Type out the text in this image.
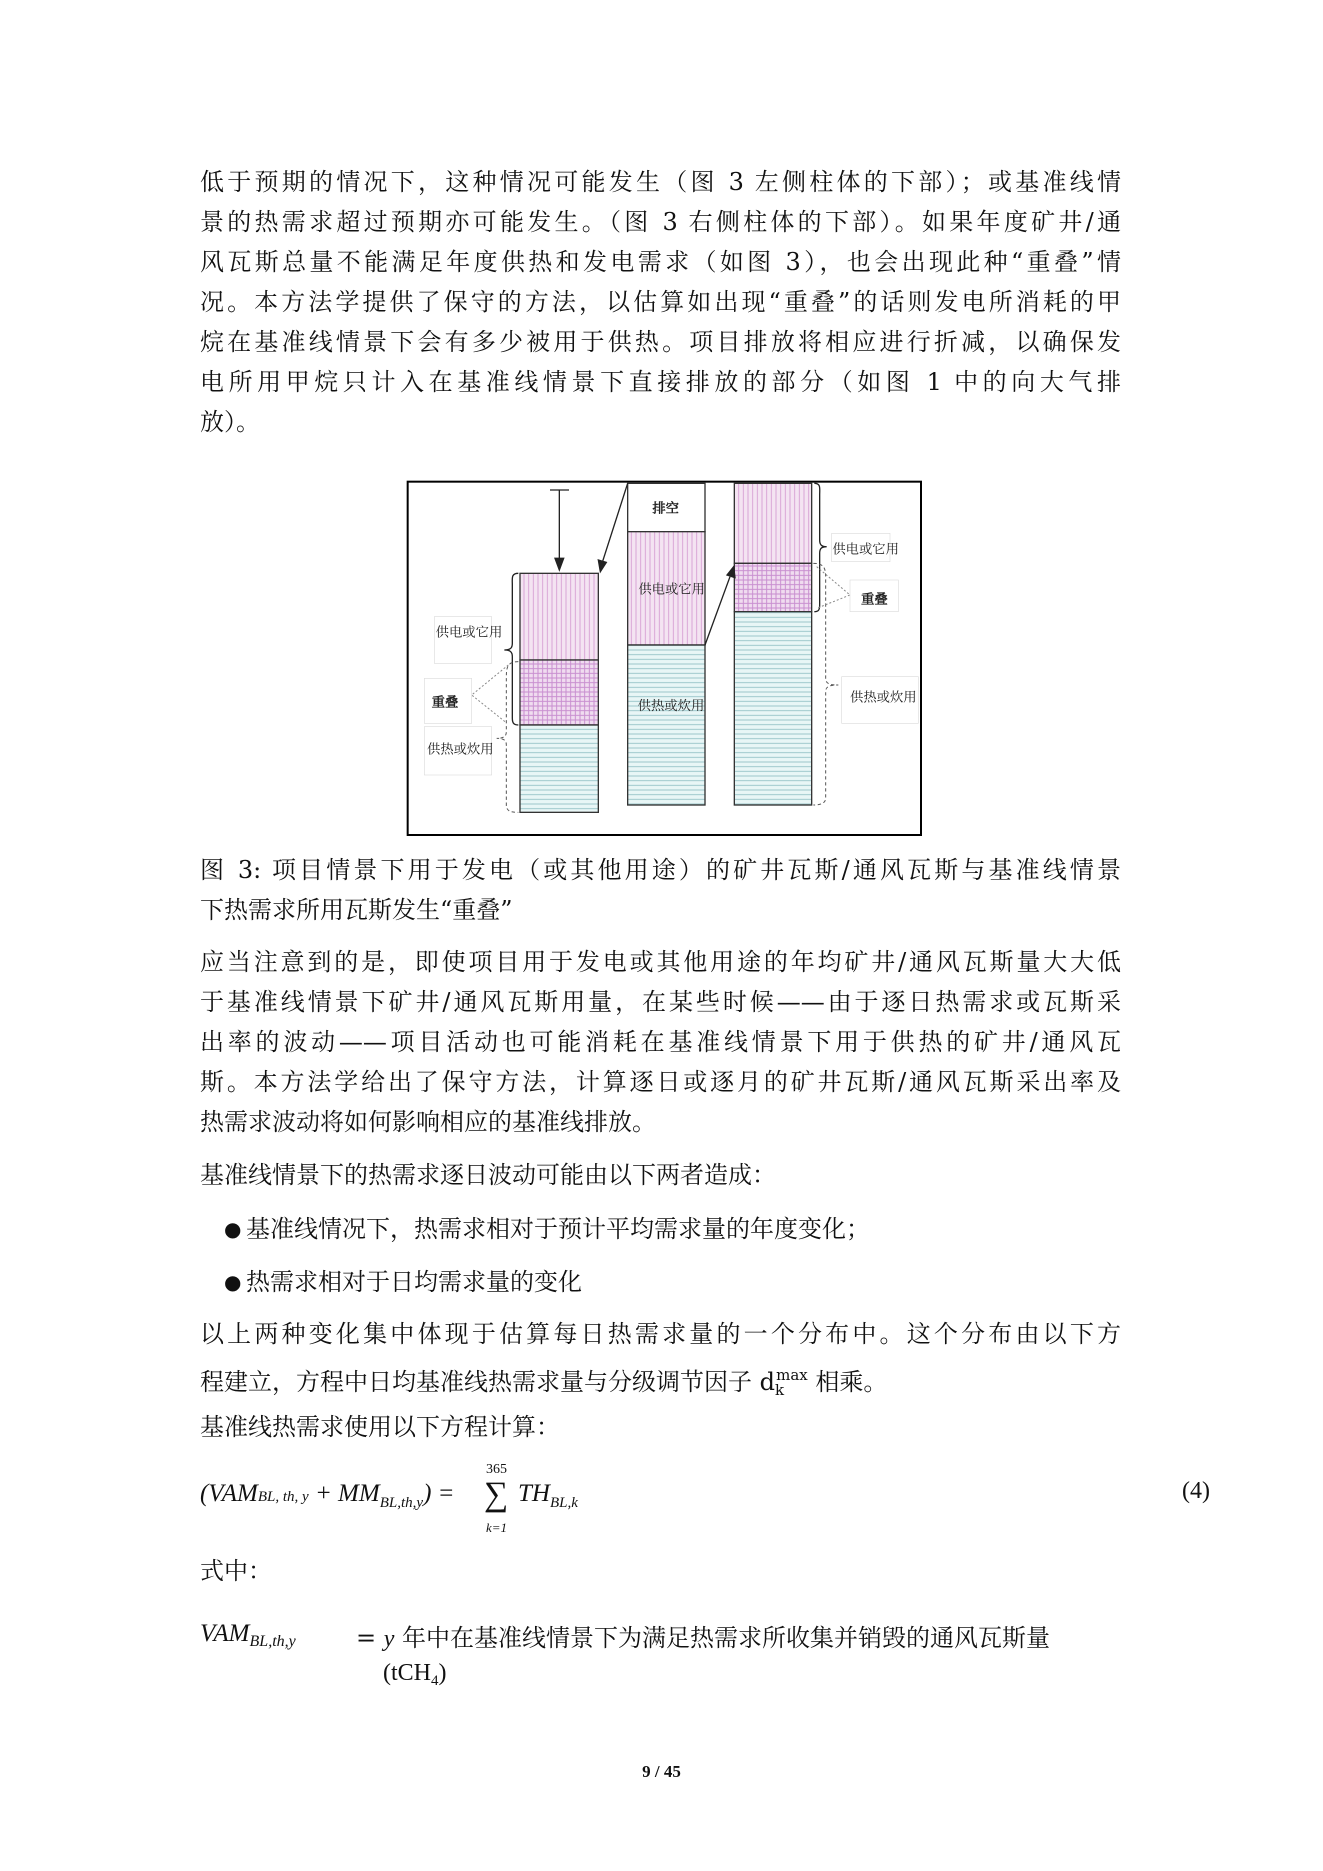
低于预期的情况下，这种情况可能发生（图 3 左侧柱体的下部）；或基准线情
景的热需求超过预期亦可能发生。（图 3 右侧柱体的下部）。如果年度矿井/通
风瓦斯总量不能满足年度供热和发电需求（如图 3），也会出现此种“重叠”情
况。本方法学提供了保守的方法，以估算如出现“重叠”的话则发电所消耗的甲
烷在基准线情景下会有多少被用于供热。项目排放将相应进行折减，以确保发
电所用甲烷只计入在基准线情景下直接排放的部分（如图 1 中的向大气排
放）。
供电或它用
重叠
供热或炊用
排空
供电或它用
供热或炊用
供电或它用
重叠
供热或炊用
图 3: 项目情景下用于发电（或其他用途）的矿井瓦斯/通风瓦斯与基准线情景
下热需求所用瓦斯发生“重叠”
应当注意到的是，即使项目用于发电或其他用途的年均矿井/通风瓦斯量大大低
于基准线情景下矿井/通风瓦斯用量，在某些时候——由于逐日热需求或瓦斯采
出率的波动——项目活动也可能消耗在基准线情景下用于供热的矿井/通风瓦
斯。本方法学给出了保守方法，计算逐日或逐月的矿井瓦斯/通风瓦斯采出率及
热需求波动将如何影响相应的基准线排放。
基准线情景下的热需求逐日波动可能由以下两者造成：
● 基准线情况下，热需求相对于预计平均需求量的年度变化；
● 热需求相对于日均需求量的变化
以上两种变化集中体现于估算每日热需求量的一个分布中。这个分布由以下方
程建立，方程中日均基准线热需求量与分级调节因子 $d_k^{max}$ 相乘。
基准线热需求使用以下方程计算：
(VAMBL, th, $y + MM_{BL,th,y}$) =
365
∑
k=1
$TH_{BL,k}$	(4)
式中：
$VAM_{BL,th,y}$	= y 年中在基准线情景下为满足热需求所收集并销毁的通风瓦斯量
(tCH$_4$)
9 / 45
